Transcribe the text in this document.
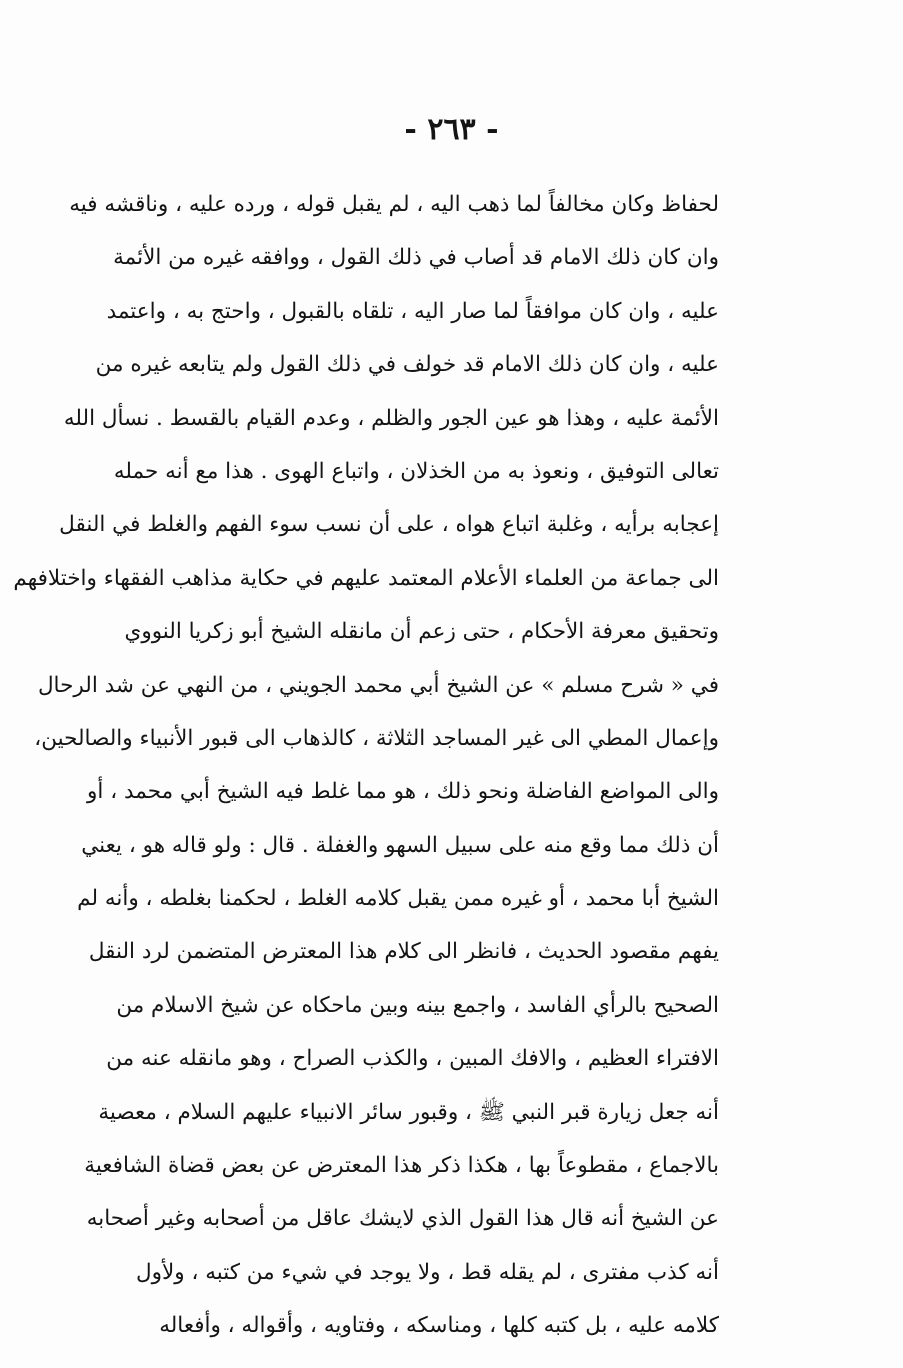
- ٢٦٣ -
لحفاظ وكان مخالفاً لما ذهب اليه ، لم يقبل قوله ، ورده عليه ، وناقشه فيه
وان كان ذلك الامام قد أصاب في ذلك القول ، ووافقه غيره من الأئمة
عليه ، وان كان موافقاً لما صار اليه ، تلقاه بالقبول ، واحتج به ، واعتمد
عليه ، وان كان ذلك الامام قد خولف في ذلك القول ولم يتابعه غيره من
الأئمة عليه ، وهذا هو عين الجور والظلم ، وعدم القيام بالقسط . نسأل الله
تعالى التوفيق ، ونعوذ به من الخذلان ، واتباع الهوى . هذا مع أنه حمله
إعجابه برأيه ، وغلبة اتباع هواه ، على أن نسب سوء الفهم والغلط في النقل
الى جماعة من العلماء الأعلام المعتمد عليهم في حكاية مذاهب الفقهاء واختلافهم
وتحقيق معرفة الأحكام ، حتى زعم أن مانقله الشيخ أبو زكريا النووي
في « شرح مسلم » عن الشيخ أبي محمد الجويني ، من النهي عن شد الرحال
وإعمال المطي الى غير المساجد الثلاثة ، كالذهاب الى قبور الأنبياء والصالحين،
والى المواضع الفاضلة ونحو ذلك ، هو مما غلط فيه الشيخ أبي محمد ، أو
أن ذلك مما وقع منه على سبيل السهو والغفلة . قال : ولو قاله هو ، يعني
الشيخ أبا محمد ، أو غيره ممن يقبل كلامه الغلط ، لحكمنا بغلطه ، وأنه لم
يفهم مقصود الحديث ، فانظر الى كلام هذا المعترض المتضمن لرد النقل
الصحيح بالرأي الفاسد ، واجمع بينه وبين ماحكاه عن شيخ الاسلام من
الافتراء العظيم ، والافك المبين ، والكذب الصراح ، وهو مانقله عنه من
أنه جعل زيارة قبر النبي ﷺ ، وقبور سائر الانبياء عليهم السلام ، معصية
بالاجماع ، مقطوعاً بها ، هكذا ذكر هذا المعترض عن بعض قضاة الشافعية
عن الشيخ أنه قال هذا القول الذي لايشك عاقل من أصحابه وغير أصحابه
أنه كذب مفترى ، لم يقله قط ، ولا يوجد في شيء من كتبه ، ولأول
كلامه عليه ، بل كتبه كلها ، ومناسكه ، وفتاويه ، وأقواله ، وأفعاله
